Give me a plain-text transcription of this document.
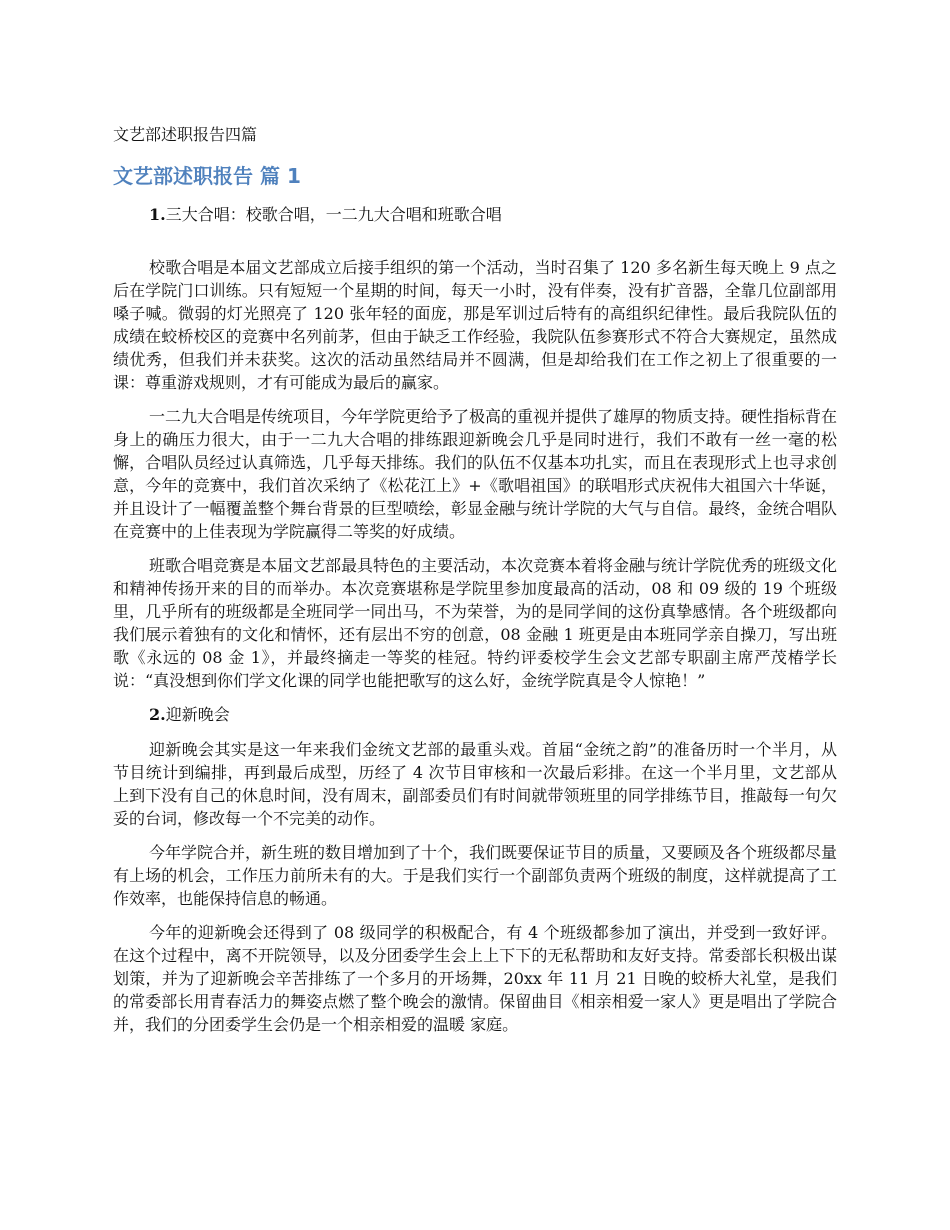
文艺部述职报告四篇
文艺部述职报告 篇 1

1.三大合唱：校歌合唱，一二九大合唱和班歌合唱

校歌合唱是本届文艺部成立后接手组织的第一个活动，当时召集了 120 多名新生每天晚上 9 点之后在学院门口训练。只有短短一个星期的时间，每天一小时，没有伴奏，没有扩音器，全靠几位副部用嗓子喊。微弱的灯光照亮了 120 张年轻的面庞，那是军训过后特有的高组织纪律性。最后我院队伍的成绩在蛟桥校区的竞赛中名列前茅，但由于缺乏工作经验，我院队伍参赛形式不符合大赛规定，虽然成绩优秀，但我们并未获奖。这次的活动虽然结局并不圆满，但是却给我们在工作之初上了很重要的一课：尊重游戏规则，才有可能成为最后的赢家。

一二九大合唱是传统项目，今年学院更给予了极高的重视并提供了雄厚的物质支持。硬性指标背在身上的确压力很大，由于一二九大合唱的排练跟迎新晚会几乎是同时进行，我们不敢有一丝一毫的松懈，合唱队员经过认真筛选，几乎每天排练。我们的队伍不仅基本功扎实，而且在表现形式上也寻求创意，今年的竞赛中，我们首次采纳了《松花江上》+《歌唱祖国》的联唱形式庆祝伟大祖国六十华诞，并且设计了一幅覆盖整个舞台背景的巨型喷绘，彰显金融与统计学院的大气与自信。最终，金统合唱队在竞赛中的上佳表现为学院赢得二等奖的好成绩。

班歌合唱竞赛是本届文艺部最具特色的主要活动，本次竞赛本着将金融与统计学院优秀的班级文化和精神传扬开来的目的而举办。本次竞赛堪称是学院里参加度最高的活动，08 和 09 级的 19 个班级里，几乎所有的班级都是全班同学一同出马，不为荣誉，为的是同学间的这份真挚感情。各个班级都向我们展示着独有的文化和情怀，还有层出不穷的创意，08 金融 1 班更是由本班同学亲自操刀，写出班歌《永远的 08 金 1》，并最终摘走一等奖的桂冠。特约评委校学生会文艺部专职副主席严茂椿学长说：“真没想到你们学文化课的同学也能把歌写的这么好，金统学院真是令人惊艳！”

2.迎新晚会

迎新晚会其实是这一年来我们金统文艺部的最重头戏。首届“金统之韵”的准备历时一个半月，从节目统计到编排，再到最后成型，历经了 4 次节目审核和一次最后彩排。在这一个半月里，文艺部从上到下没有自己的休息时间，没有周末，副部委员们有时间就带领班里的同学排练节目，推敲每一句欠妥的台词，修改每一个不完美的动作。

今年学院合并，新生班的数目增加到了十个，我们既要保证节目的质量，又要顾及各个班级都尽量有上场的机会，工作压力前所未有的大。于是我们实行一个副部负责两个班级的制度，这样就提高了工作效率，也能保持信息的畅通。

今年的迎新晚会还得到了 08 级同学的积极配合，有 4 个班级都参加了演出，并受到一致好评。在这个过程中，离不开院领导，以及分团委学生会上上下下的无私帮助和友好支持。常委部长积极出谋划策，并为了迎新晚会辛苦排练了一个多月的开场舞，20xx 年 11 月 21 日晚的蛟桥大礼堂，是我们的常委部长用青春活力的舞姿点燃了整个晚会的激情。保留曲目《相亲相爱一家人》更是唱出了学院合并，我们的分团委学生会仍是一个相亲相爱的温暖 家庭。
